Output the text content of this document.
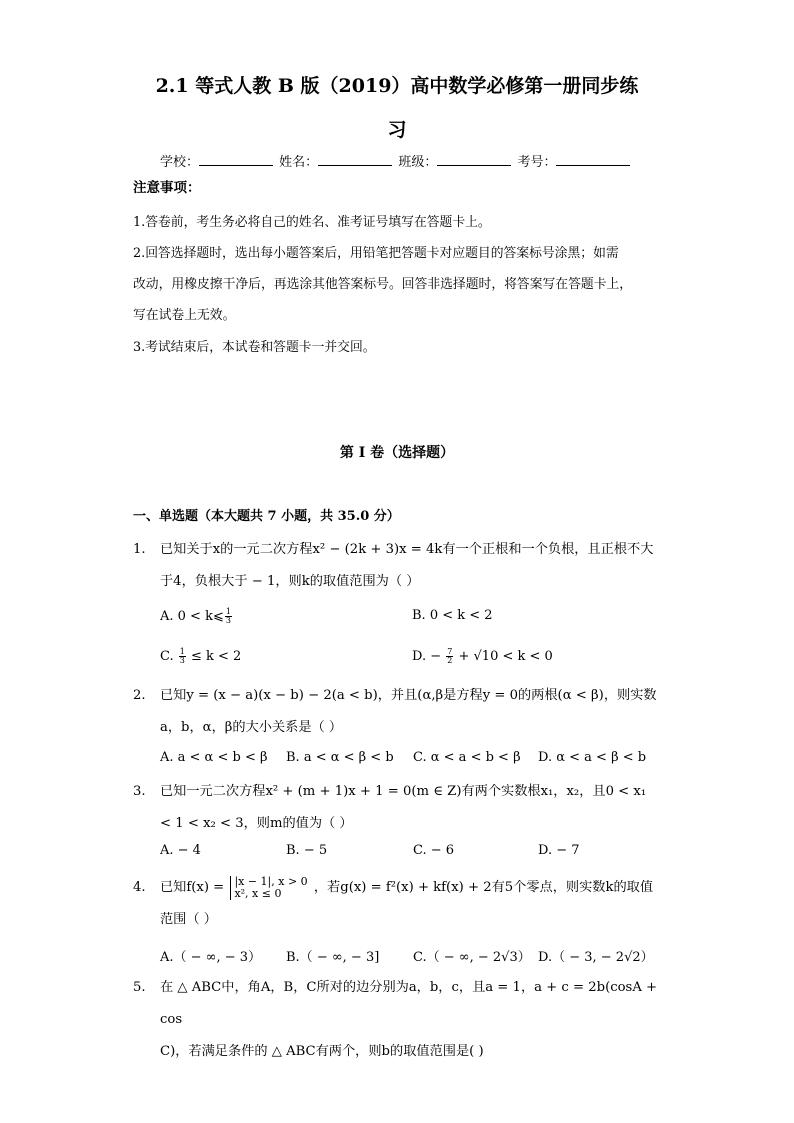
2.1 等式人教 B 版（2019）高中数学必修第一册同步练
习
学校：	姓名：	班级：	考号：
注意事项：
1.答卷前，考生务必将自己的姓名、准考证号填写在答题卡上。
2.回答选择题时，选出每小题答案后，用铅笔把答题卡对应题目的答案标号涂黑；如需
改动，用橡皮擦干净后，再选涂其他答案标号。回答非选择题时，将答案写在答题卡上，
写在试卷上无效。
3.考试结束后，本试卷和答题卡一并交回。
第 I 卷（选择题）
一、单选题（本大题共 7 小题，共 35.0 分）
1. 已知关于x的一元二次方程x² − (2k + 3)x = 4k有一个正根和一个负根，且正根不大
于4，负根大于 − 1，则k的取值范围为（ ）
A. 0 < k⩽ $\frac{1}{3}$	B. 0 < k < 2
C. $\frac{1}{3} \le k < 2$	D. − $\frac{7}{2} + √10 < k < 0$
2. 已知y = (x − a)(x − b) − 2(a < b)，并且(α,β是方程y = 0的两根(α < β)，则实数
a，b，α，β的大小关系是（ ）
A. a < α < b < β B. a < α < β < b C. α < a < b < β D. α < a < β < b
3. 已知一元二次方程x² + (m + 1)x + 1 = 0(m ∈ Z)有两个实数根x₁，x₂，且0 < x₁
< 1 < x₂ < 3，则m的值为（ ）
A. − 4	B. − 5	C. − 6	D. − 7
4. 已知f(x) = |x − 1|, x > 0
x², x ≤ 0	，若g(x) = f²(x) + kf(x) + 2有5个零点，则实数k的取值
范围（ ）
A.（ − ∞, − 3） B.（ − ∞, − 3]	C.（ − ∞, − 2√3） D.（ − 3, − 2√2）
5. 在 △ ABC中，角A，B，C所对的边分别为a，b，c，且a = 1，a + c = 2b(cosA + cos
C)，若满足条件的 △ ABC有两个，则b的取值范围是( )
